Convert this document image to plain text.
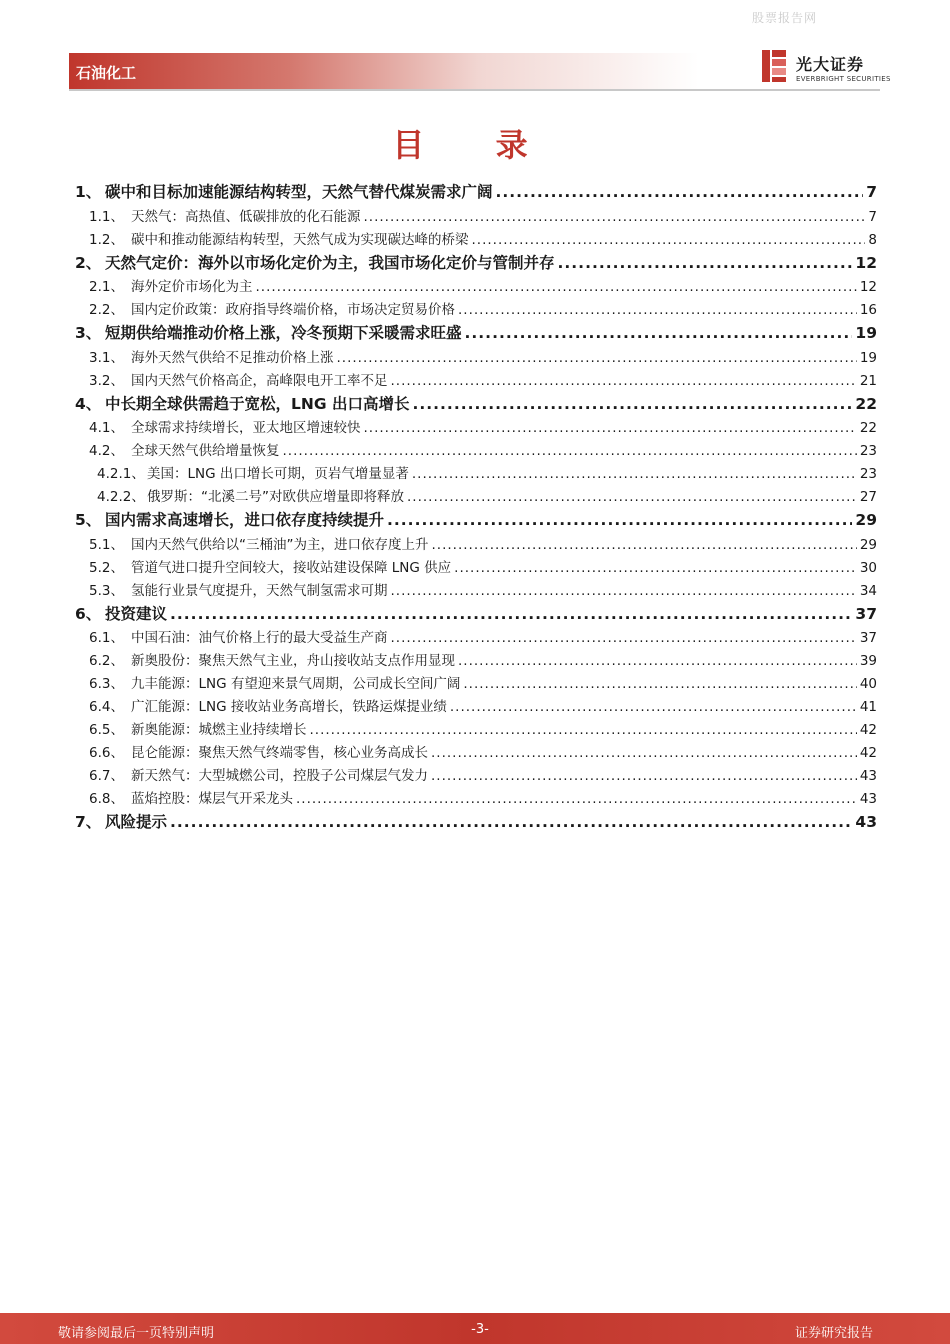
股票报告网
石油化工	光大证券
EVERBRIGHT SECURITIES
目 录
1、 碳中和目标加速能源结构转型，天然气替代煤炭需求广阔 .....	7
1.1、 天然气：高热值、低碳排放的化石能源 .....	7
1.2、 碳中和推动能源结构转型，天然气成为实现碳达峰的桥梁 .....	8
2、 天然气定价：海外以市场化定价为主，我国市场化定价与管制并存 .....	12
2.1、 海外定价市场化为主 .....	12
2.2、 国内定价政策：政府指导终端价格，市场决定贸易价格 .....	16
3、 短期供给端推动价格上涨，冷冬预期下采暖需求旺盛 .....	19
3.1、 海外天然气供给不足推动价格上涨 .....	19
3.2、 国内天然气价格高企，高峰限电开工率不足 .....	21
4、 中长期全球供需趋于宽松，LNG 出口高增长 .....	22
4.1、 全球需求持续增长，亚太地区增速较快 .....	22
4.2、 全球天然气供给增量恢复 .....	23
4.2.1、 美国：LNG 出口增长可期，页岩气增量显著 .....	23
4.2.2、 俄罗斯：“北溪二号”对欧供应增量即将释放 .....	27
5、 国内需求高速增长，进口依存度持续提升 .....	29
5.1、 国内天然气供给以“三桶油”为主，进口依存度上升 .....	29
5.2、 管道气进口提升空间较大，接收站建设保障 LNG 供应 .....	30
5.3、 氢能行业景气度提升，天然气制氢需求可期 .....	34
6、 投资建议 .....	37
6.1、 中国石油：油气价格上行的最大受益生产商 .....	37
6.2、 新奥股份：聚焦天然气主业，舟山接收站支点作用显现 .....	39
6.3、 九丰能源：LNG 有望迎来景气周期，公司成长空间广阔 .....	40
6.4、 广汇能源：LNG 接收站业务高增长，铁路运煤提业绩 .....	41
6.5、 新奥能源：城燃主业持续增长 .....	42
6.6、 昆仑能源：聚焦天然气终端零售，核心业务高成长 .....	42
6.7、 新天然气：大型城燃公司，控股子公司煤层气发力 .....	43
6.8、 蓝焰控股：煤层气开采龙头 .....	43
7、 风险提示 .....	43
敬请参阅最后一页特别声明	-3-	证券研究报告
